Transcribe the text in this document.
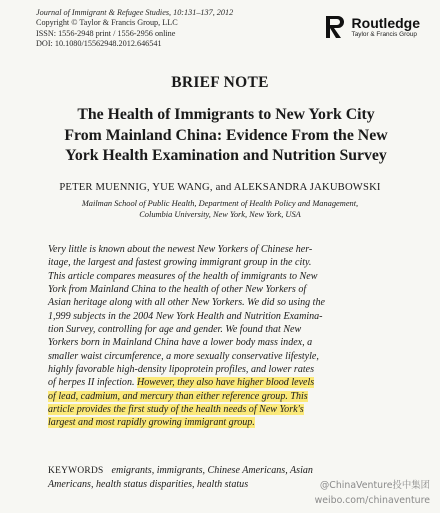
Journal of Immigrant & Refugee Studies, 10:131–137, 2012
Copyright © Taylor & Francis Group, LLC
ISSN: 1556-2948 print / 1556-2956 online
DOI: 10.1080/15562948.2012.646541
Routledge
Taylor & Francis Group
BRIEF NOTE
The Health of Immigrants to New York City
From Mainland China: Evidence From the New
York Health Examination and Nutrition Survey
PETER MUENNIG, YUE WANG, and ALEKSANDRA JAKUBOWSKI
Mailman School of Public Health, Department of Health Policy and Management,
Columbia University, New York, New York, USA
Very little is known about the newest New Yorkers of Chinese her-
itage, the largest and fastest growing immigrant group in the city.
This article compares measures of the health of immigrants to New
York from Mainland China to the health of other New Yorkers of
Asian heritage along with all other New Yorkers. We did so using the
1,999 subjects in the 2004 New York Health and Nutrition Examina-
tion Survey, controlling for age and gender. We found that New
Yorkers born in Mainland China have a lower body mass index, a
smaller waist circumference, a more sexually conservative lifestyle,
highly favorable high-density lipoprotein profiles, and lower rates
of herpes II infection. However, they also have higher blood levels
of lead, cadmium, and mercury than either reference group. This
article provides the first study of the health needs of New York's
largest and most rapidly growing immigrant group.
KEYWORDS emigrants, immigrants, Chinese Americans, Asian
Americans, health status disparities, health status	@ChinaVenture投中集团
weibo.com/chinaventure
